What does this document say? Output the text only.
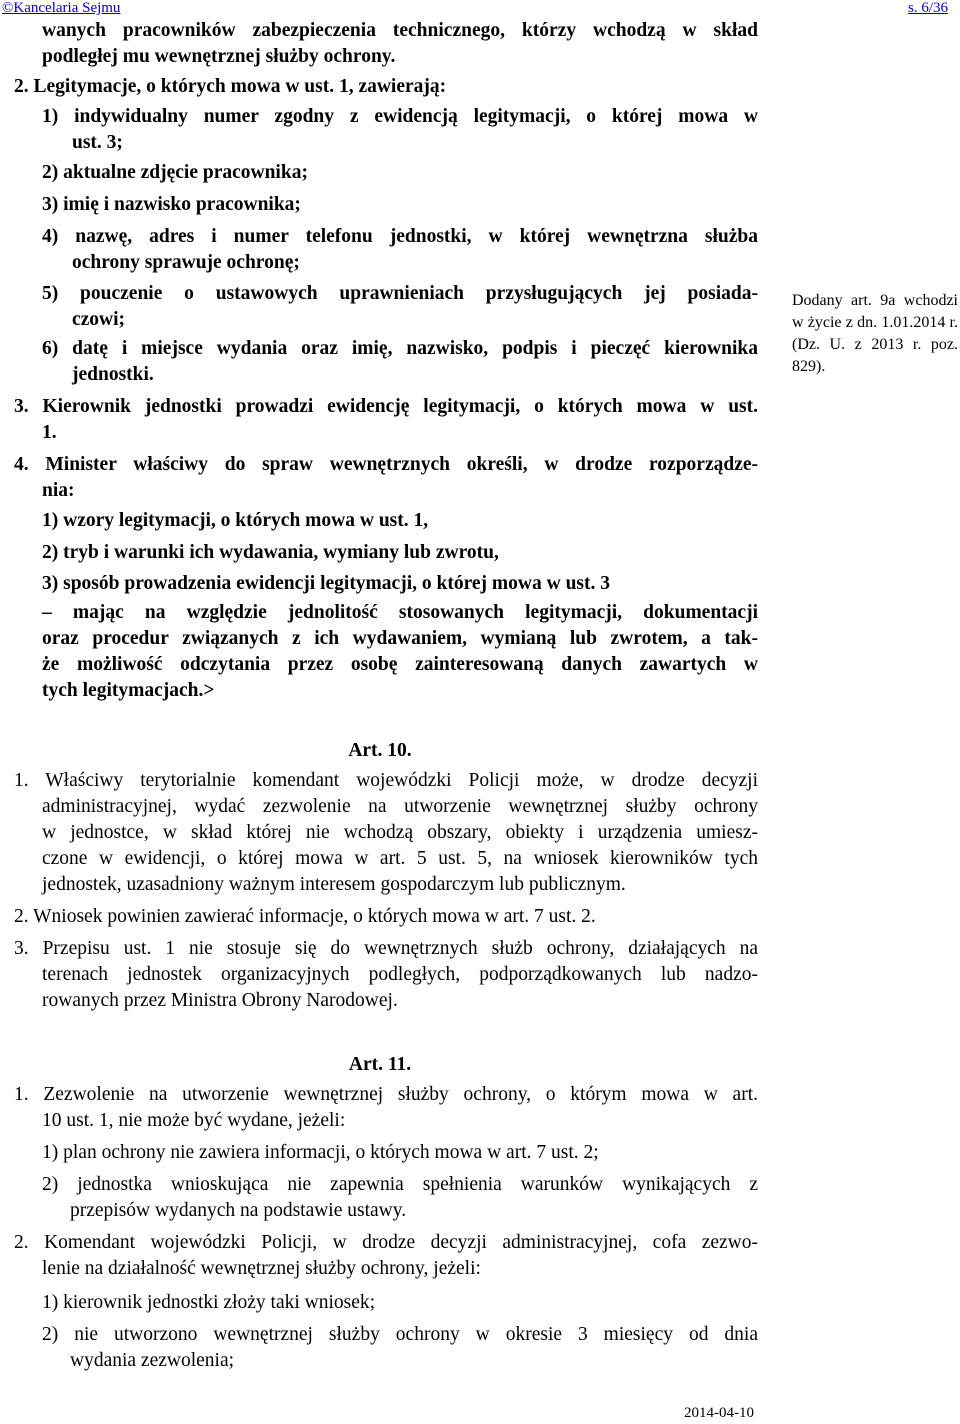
©Kancelaria Sejmu	s. 6/36
wanych pracowników zabezpieczenia technicznego, którzy wchodzą w skład
podległej mu wewnętrznej służby ochrony.
2. Legitymacje, o których mowa w ust. 1, zawierają:
1) indywidualny numer zgodny z ewidencją legitymacji, o której mowa w
ust. 3;
2) aktualne zdjęcie pracownika;
3) imię i nazwisko pracownika;
4) nazwę, adres i numer telefonu jednostki, w której wewnętrzna służba
ochrony sprawuje ochronę;
5) pouczenie o ustawowych uprawnieniach przysługujących jej posiada-
czowi;
6) datę i miejsce wydania oraz imię, nazwisko, podpis i pieczęć kierownika
jednostki.
3. Kierownik jednostki prowadzi ewidencję legitymacji, o których mowa w ust.
1.
4. Minister właściwy do spraw wewnętrznych określi, w drodze rozporządze-
nia:
1) wzory legitymacji, o których mowa w ust. 1,
2) tryb i warunki ich wydawania, wymiany lub zwrotu,
3) sposób prowadzenia ewidencji legitymacji, o której mowa w ust. 3
– mając na względzie jednolitość stosowanych legitymacji, dokumentacji
oraz procedur związanych z ich wydawaniem, wymianą lub zwrotem, a tak-
że możliwość odczytania przez osobę zainteresowaną danych zawartych w
tych legitymacjach.>
Dodany art. 9a wchodzi w życie z dn. 1.01.2014 r. (Dz. U. z 2013 r. poz. 829).
Art. 10.
1. Właściwy terytorialnie komendant wojewódzki Policji może, w drodze decyzji
administracyjnej, wydać zezwolenie na utworzenie wewnętrznej służby ochrony
w jednostce, w skład której nie wchodzą obszary, obiekty i urządzenia umiesz-
czone w ewidencji, o której mowa w art. 5 ust. 5, na wniosek kierowników tych
jednostek, uzasadniony ważnym interesem gospodarczym lub publicznym.
2. Wniosek powinien zawierać informacje, o których mowa w art. 7 ust. 2.
3. Przepisu ust. 1 nie stosuje się do wewnętrznych służb ochrony, działających na
terenach jednostek organizacyjnych podległych, podporządkowanych lub nadzo-
rowanych przez Ministra Obrony Narodowej.
Art. 11.
1. Zezwolenie na utworzenie wewnętrznej służby ochrony, o którym mowa w art.
10 ust. 1, nie może być wydane, jeżeli:
1) plan ochrony nie zawiera informacji, o których mowa w art. 7 ust. 2;
2) jednostka wnioskująca nie zapewnia spełnienia warunków wynikających z
przepisów wydanych na podstawie ustawy.
2. Komendant wojewódzki Policji, w drodze decyzji administracyjnej, cofa zezwo-
lenie na działalność wewnętrznej służby ochrony, jeżeli:
1) kierownik jednostki złoży taki wniosek;
2) nie utworzono wewnętrznej służby ochrony w okresie 3 miesięcy od dnia
wydania zezwolenia;
2014-04-10
